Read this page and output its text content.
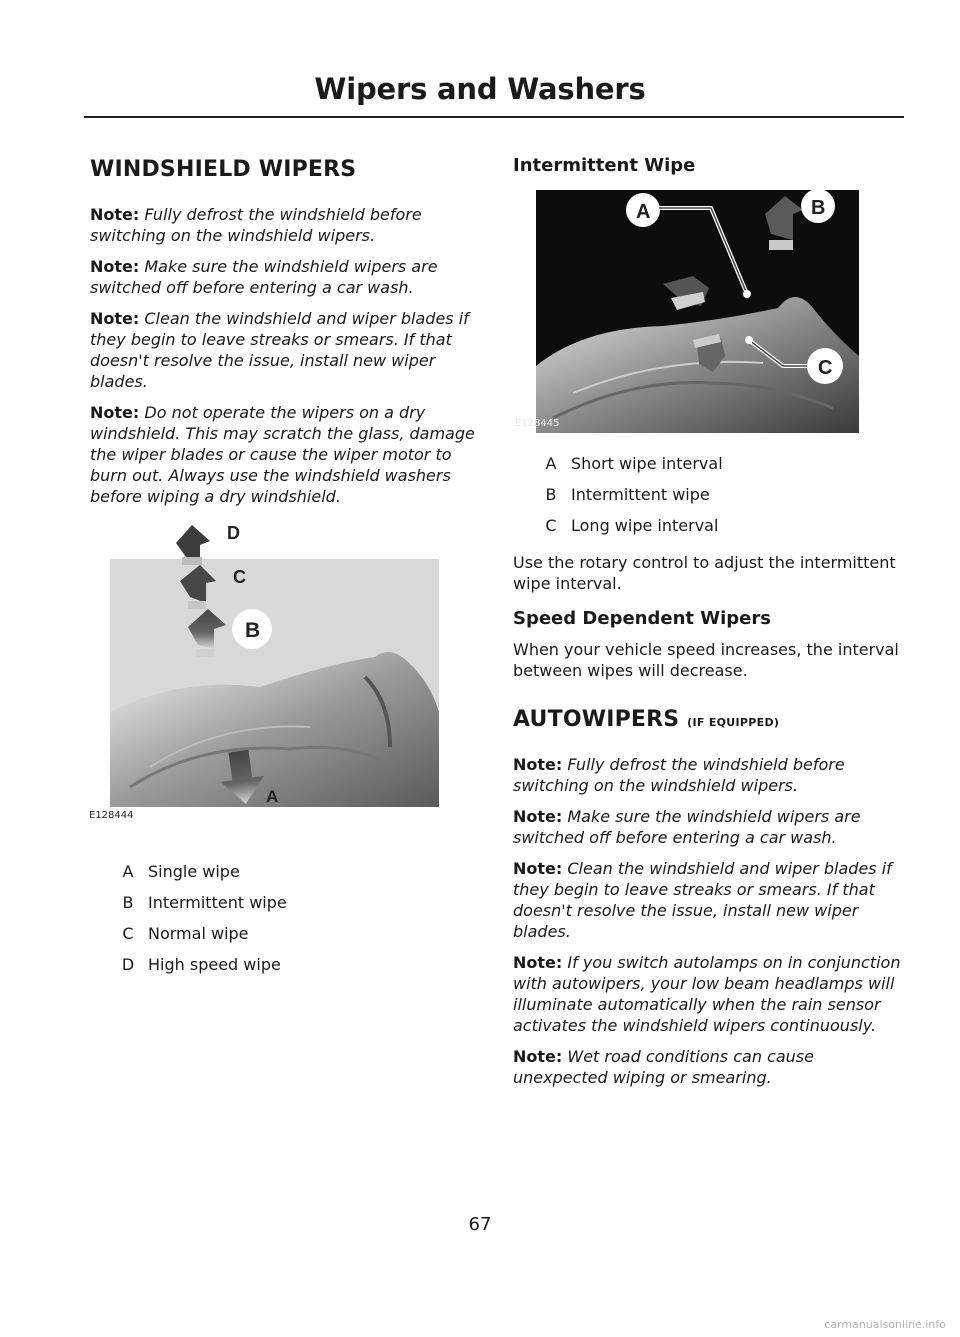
Wipers and Washers
WINDSHIELD WIPERS

Note: Fully defrost the windshield before switching on the windshield wipers.

Note: Make sure the windshield wipers are switched off before entering a car wash.

Note: Clean the windshield and wiper blades if they begin to leave streaks or smears. If that doesn't resolve the issue, install new wiper blades.

Note: Do not operate the wipers on a dry windshield. This may scratch the glass, damage the wiper blades or cause the wiper motor to burn out. Always use the windshield washers before wiping a dry windshield.

B
C
D
A
E128444
A	Single wipe
B	Intermittent wipe
C	Normal wipe
D	High speed wipe
Intermittent Wipe
B
A
C
E128445
A	Short wipe interval
B	Intermittent wipe
C	Long wipe interval

Use the rotary control to adjust the intermittent wipe interval.

Speed Dependent Wipers

When your vehicle speed increases, the interval between wipes will decrease.

AUTOWIPERS (IF EQUIPPED)

Note: Fully defrost the windshield before switching on the windshield wipers.

Note: Make sure the windshield wipers are switched off before entering a car wash.

Note: Clean the windshield and wiper blades if they begin to leave streaks or smears. If that doesn't resolve the issue, install new wiper blades.

Note: If you switch autolamps on in conjunction with autowipers, your low beam headlamps will illuminate automatically when the rain sensor activates the windshield wipers continuously.

Note: Wet road conditions can cause unexpected wiping or smearing.

67
carmanualsonline.info
